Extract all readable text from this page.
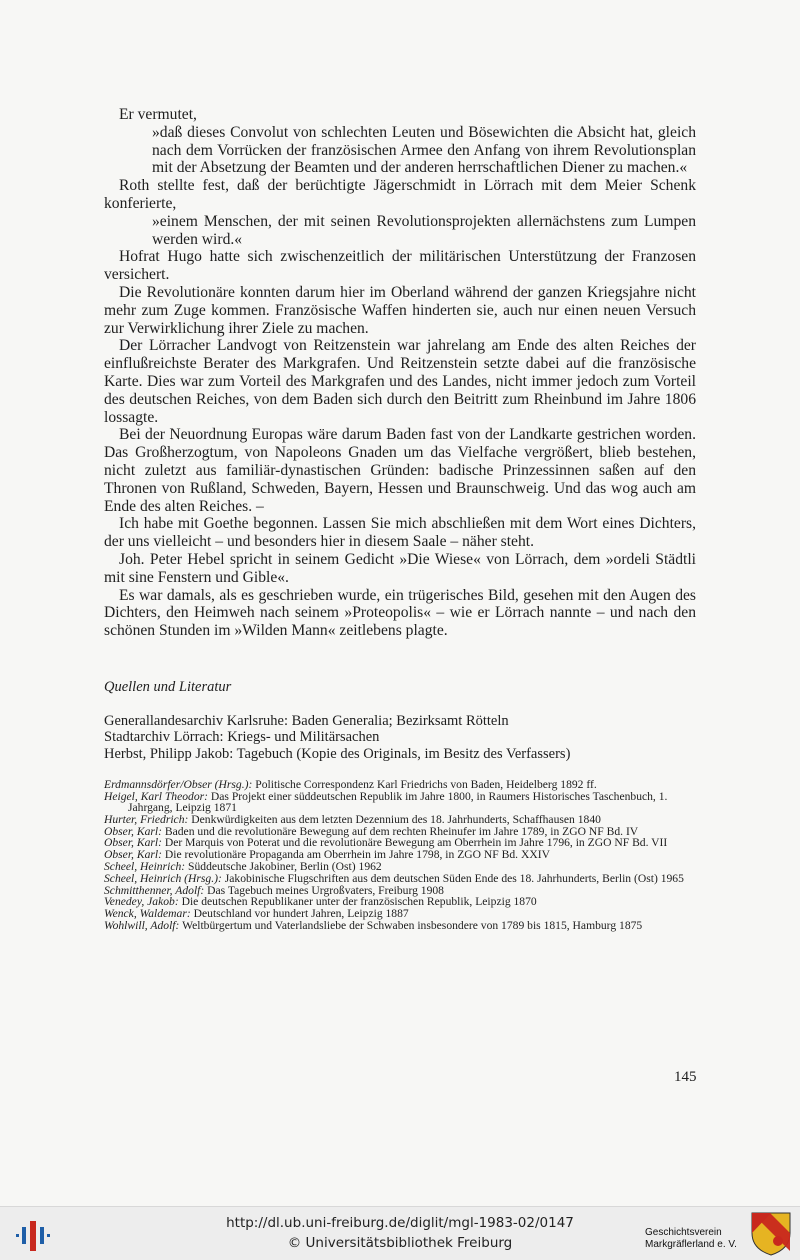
Er vermutet,

»daß dieses Convolut von schlechten Leuten und Bösewichten die Absicht hat, gleich nach dem Vorrücken der französischen Armee den Anfang von ihrem Revolutionsplan mit der Absetzung der Beamten und der anderen herrschaftlichen Diener zu machen.«

Roth stellte fest, daß der berüchtigte Jägerschmidt in Lörrach mit dem Meier Schenk konferierte,

»einem Menschen, der mit seinen Revolutionsprojekten allernächstens zum Lumpen werden wird.«

Hofrat Hugo hatte sich zwischenzeitlich der militärischen Unterstützung der Franzosen versichert.

Die Revolutionäre konnten darum hier im Oberland während der ganzen Kriegsjahre nicht mehr zum Zuge kommen. Französische Waffen hinderten sie, auch nur einen neuen Versuch zur Verwirklichung ihrer Ziele zu machen.

Der Lörracher Landvogt von Reitzenstein war jahrelang am Ende des alten Reiches der einflußreichste Berater des Markgrafen. Und Reitzenstein setzte dabei auf die französische Karte. Dies war zum Vorteil des Markgrafen und des Landes, nicht immer jedoch zum Vorteil des deutschen Reiches, von dem Baden sich durch den Beitritt zum Rheinbund im Jahre 1806 lossagte.

Bei der Neuordnung Europas wäre darum Baden fast von der Landkarte gestrichen worden. Das Großherzogtum, von Napoleons Gnaden um das Vielfache vergrößert, blieb bestehen, nicht zuletzt aus familiär-dynastischen Gründen: badische Prinzessinnen saßen auf den Thronen von Rußland, Schweden, Bayern, Hessen und Braunschweig. Und das wog auch am Ende des alten Reiches. –

Ich habe mit Goethe begonnen. Lassen Sie mich abschließen mit dem Wort eines Dichters, der uns vielleicht – und besonders hier in diesem Saale – näher steht.

Joh. Peter Hebel spricht in seinem Gedicht »Die Wiese« von Lörrach, dem »ordeli Städtli mit sine Fenstern und Gible«.

Es war damals, als es geschrieben wurde, ein trügerisches Bild, gesehen mit den Augen des Dichters, den Heimweh nach seinem »Proteopolis« – wie er Lörrach nannte – und nach den schönen Stunden im »Wilden Mann« zeitlebens plagte.

Quellen und Literatur

Generallandesarchiv Karlsruhe: Baden Generalia; Bezirksamt Rötteln

Stadtarchiv Lörrach: Kriegs- und Militärsachen

Herbst, Philipp Jakob: Tagebuch (Kopie des Originals, im Besitz des Verfassers)

Erdmannsdörfer/Obser (Hrsg.): Politische Correspondenz Karl Friedrichs von Baden, Heidelberg 1892 ff.

Heigel, Karl Theodor: Das Projekt einer süddeutschen Republik im Jahre 1800, in Raumers Historisches Taschenbuch, 1. Jahrgang, Leipzig 1871

Hurter, Friedrich: Denkwürdigkeiten aus dem letzten Dezennium des 18. Jahrhunderts, Schaffhausen 1840

Obser, Karl: Baden und die revolutionäre Bewegung auf dem rechten Rheinufer im Jahre 1789, in ZGO NF Bd. IV

Obser, Karl: Der Marquis von Poterat und die revolutionäre Bewegung am Oberrhein im Jahre 1796, in ZGO NF Bd. VII

Obser, Karl: Die revolutionäre Propaganda am Oberrhein im Jahre 1798, in ZGO NF Bd. XXIV

Scheel, Heinrich: Süddeutsche Jakobiner, Berlin (Ost) 1962

Scheel, Heinrich (Hrsg.): Jakobinische Flugschriften aus dem deutschen Süden Ende des 18. Jahrhunderts, Berlin (Ost) 1965

Schmitthenner, Adolf: Das Tagebuch meines Urgroßvaters, Freiburg 1908

Venedey, Jakob: Die deutschen Republikaner unter der französischen Republik, Leipzig 1870

Wenck, Waldemar: Deutschland vor hundert Jahren, Leipzig 1887

Wohlwill, Adolf: Weltbürgertum und Vaterlandsliebe der Schwaben insbesondere von 1789 bis 1815, Hamburg 1875

145
http://dl.ub.uni-freiburg.de/diglit/mgl-1983-02/0147
© Universitätsbibliothek Freiburg
Geschichtsverein
Markgräflerland e. V.
